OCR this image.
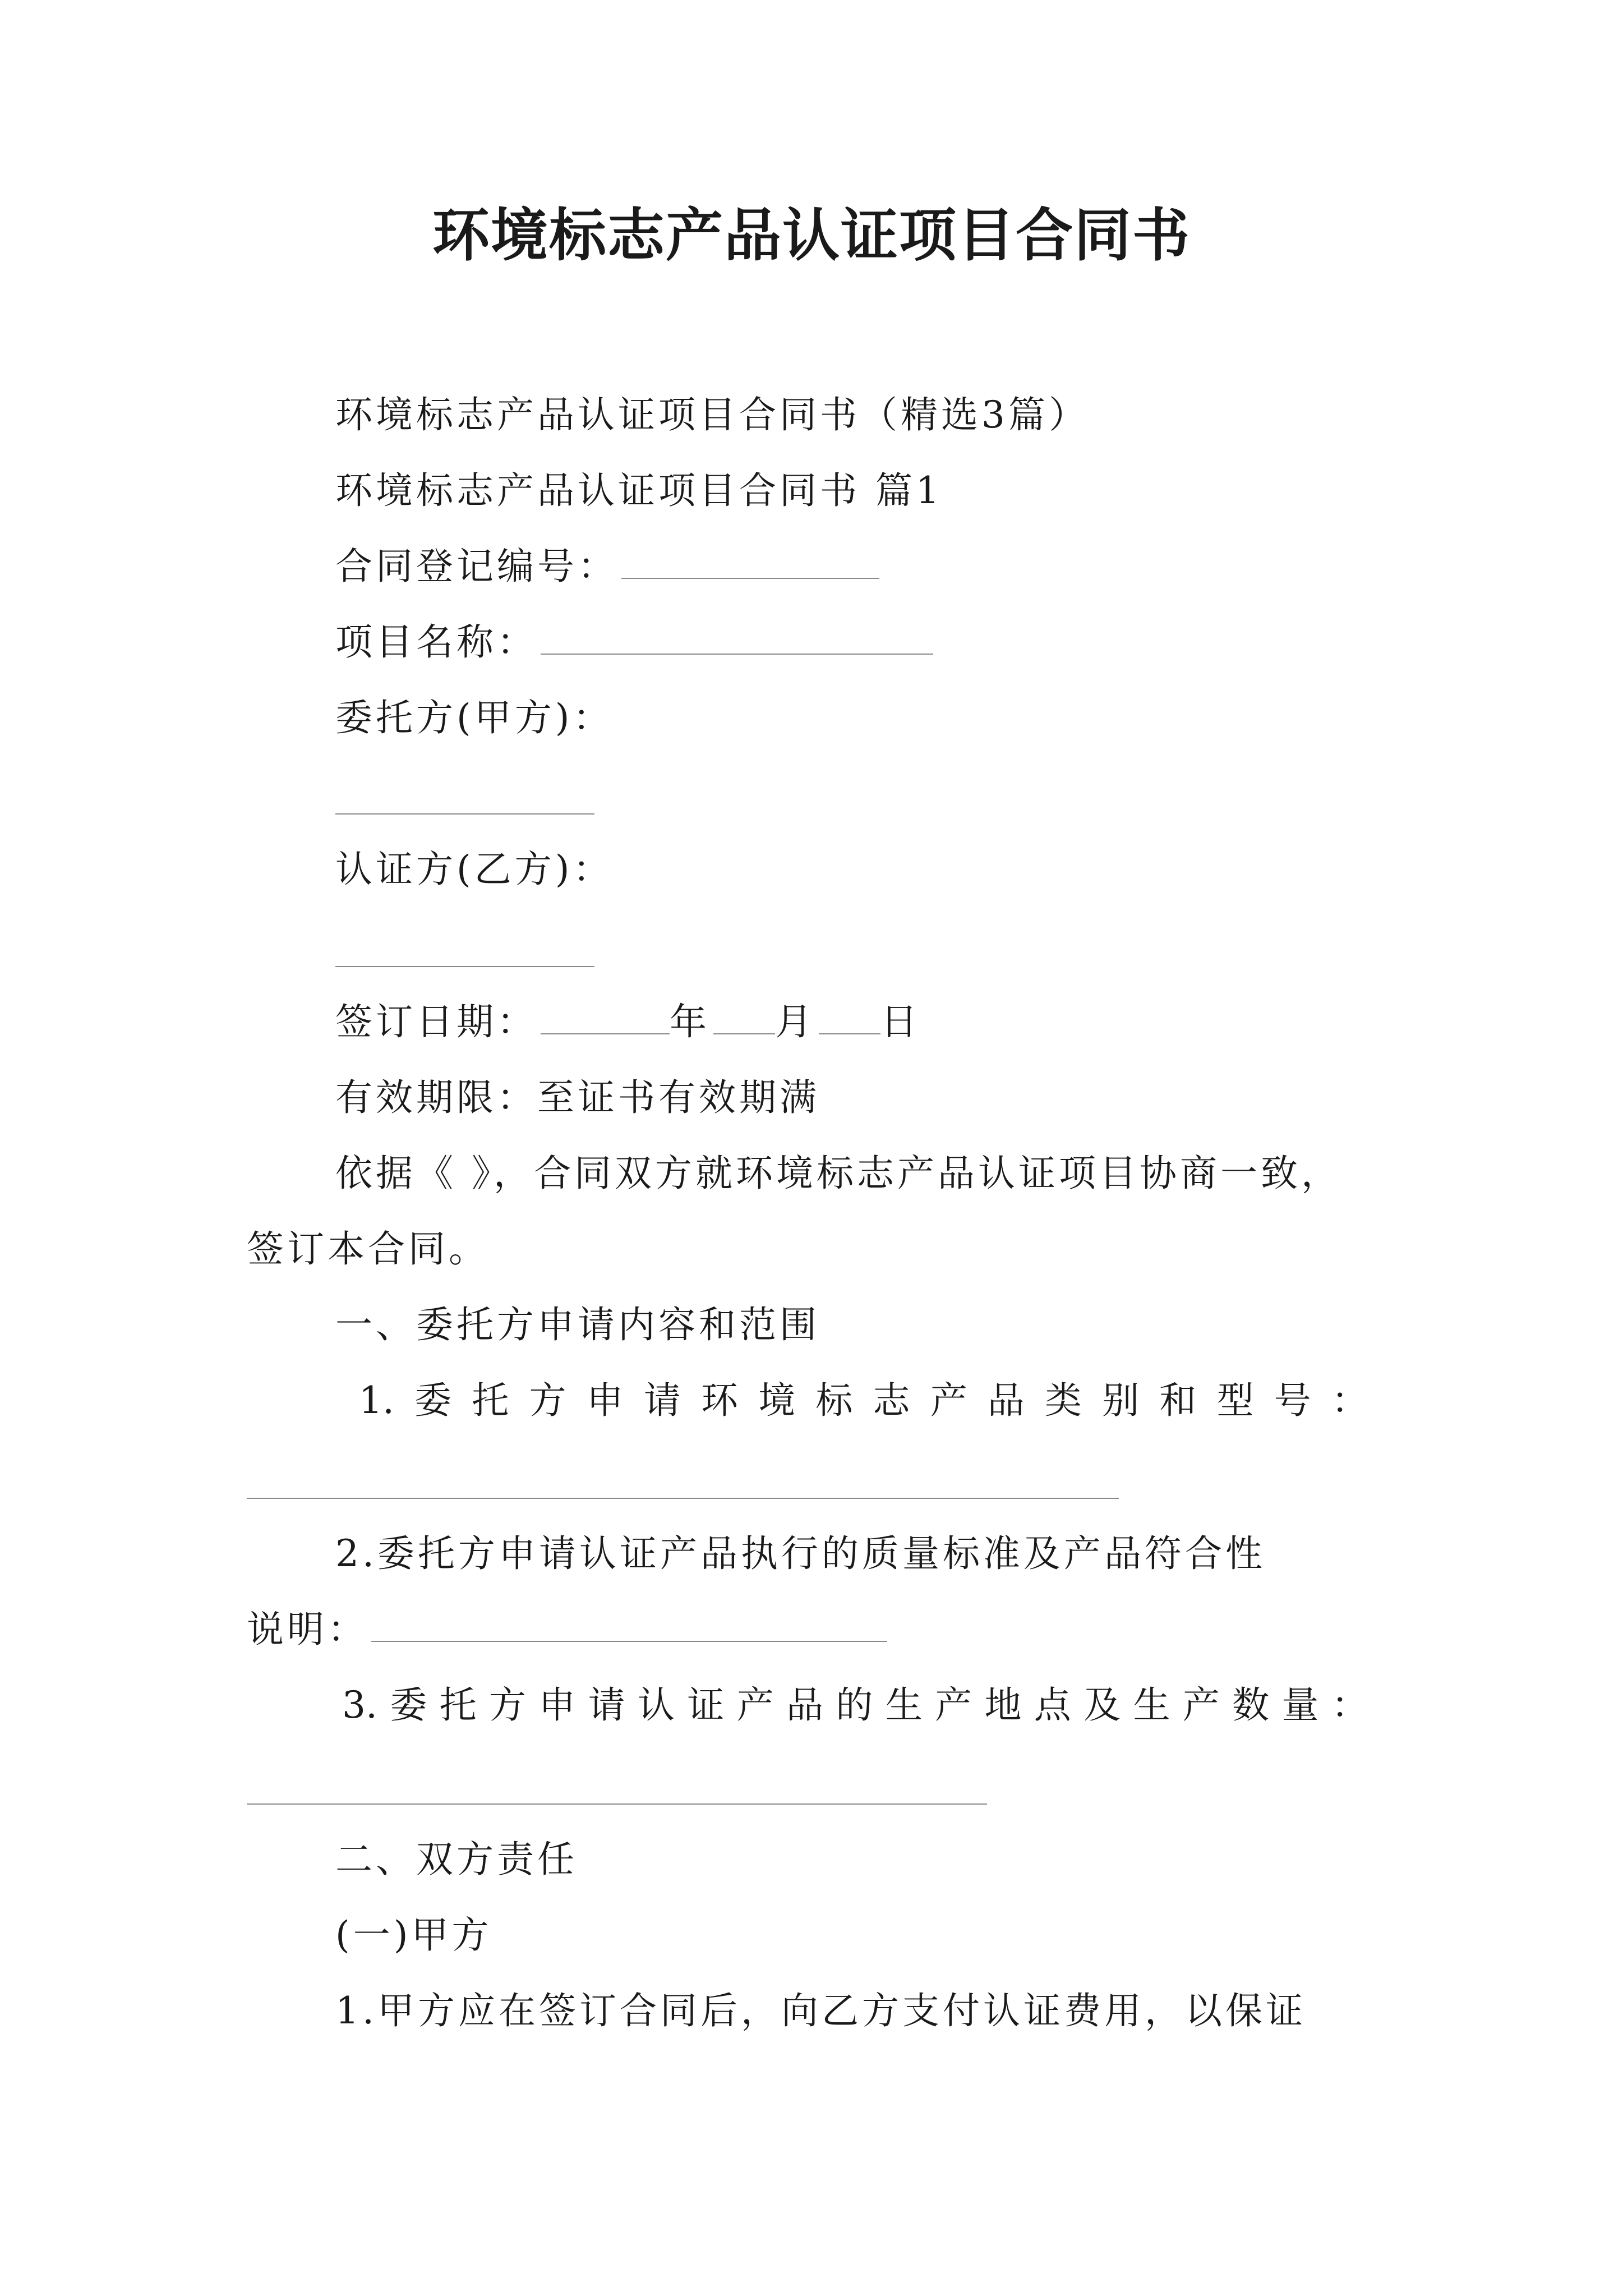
环境标志产品认证项目合同书
环境标志产品认证项目合同书（精选3篇）
环境标志产品认证项目合同书 篇1
合同登记编号：
项目名称：
委托方(甲方)：
认证方(乙方)：
签订日期：	年 月 日
有效期限：至证书有效期满
依据《 》，合同双方就环境标志产品认证项目协商一致，
签订本合同。
一、委托方申请内容和范围
1. 委 托 方 申 请 环 境 标 志 产 品 类 别 和 型 号 ：
2.委托方申请认证产品执行的质量标准及产品符合性
说明：
3. 委 托 方 申 请 认 证 产 品 的 生 产 地 点 及 生 产 数 量 ：
二、双方责任
(一)甲方
1.甲方应在签订合同后，向乙方支付认证费用，以保证
